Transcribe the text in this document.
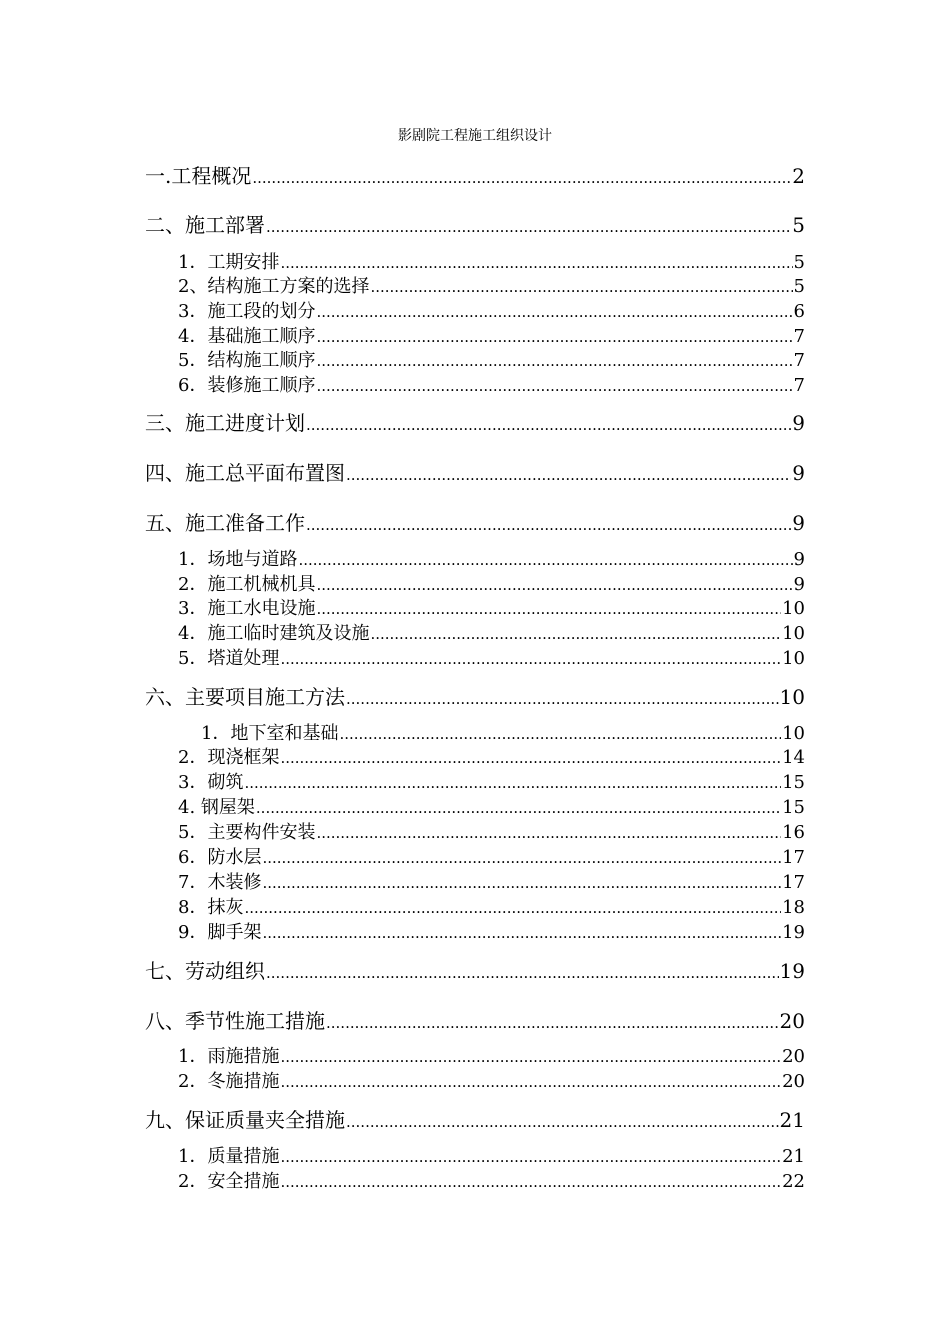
影剧院工程施工组织设计
一.工程概况 .....	2
二、施工部署 .....	5
1．工期安排 .....	5
2、结构施工方案的选择 .....	5
3．施工段的划分 .....	6
4．基础施工顺序 .....	7
5．结构施工顺序 .....	7
6．装修施工顺序 .....	7
三、施工进度计划 .....	9
四、施工总平面布置图 .....	9
五、施工准备工作 .....	9
1．场地与道路 .....	9
2．施工机械机具 .....	9
3．施工水电设施 .....	10
4．施工临时建筑及设施 .....	10
5．塔道处理 .....	10
六、主要项目施工方法 .....	10
1．地下室和基础 .....	10
2．现浇框架 .....	14
3．砌筑 .....	15
4. 钢屋架 .....	15
5．主要构件安装 .....	16
6．防水层 .....	17
7．木装修 .....	17
8．抹灰 .....	18
9．脚手架 .....	19
七、劳动组织 .....	19
八、季节性施工措施 .....	20
1．雨施措施 .....	20
2．冬施措施 .....	20
九、保证质量夹全措施 .....	21
1．质量措施 .....	21
2．安全措施 .....	22
